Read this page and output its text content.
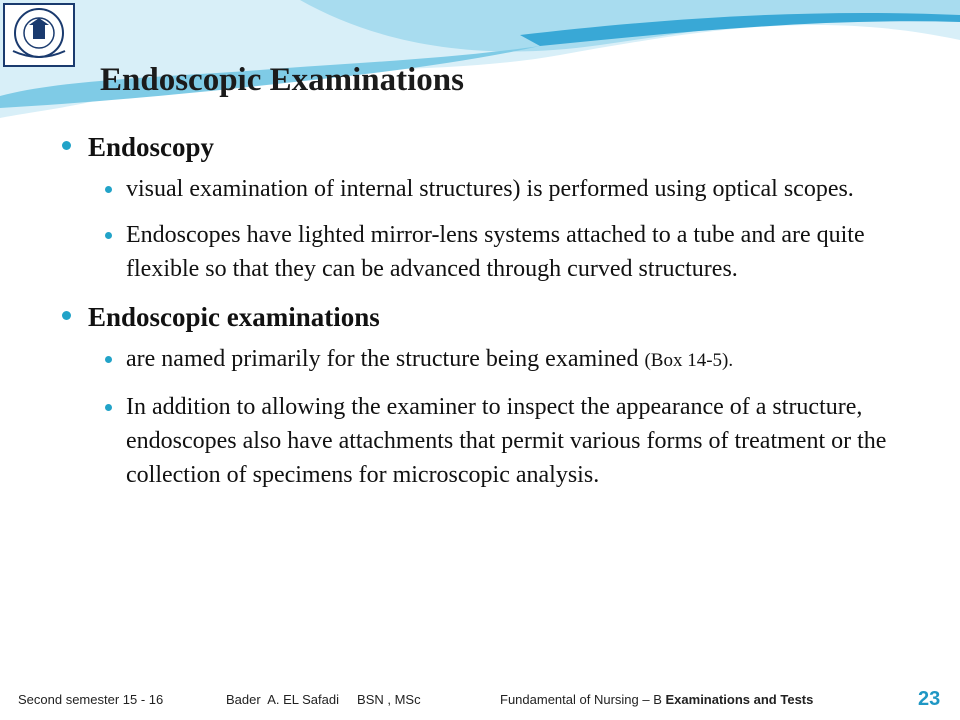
Endoscopic Examinations
Endoscopy
visual examination of internal structures) is performed using optical scopes.
Endoscopes have lighted mirror-lens systems attached to a tube and are quite flexible so that they can be advanced through curved structures.
Endoscopic examinations
are named primarily for the structure being examined (Box 14-5).
In addition to allowing the examiner to inspect the appearance of a structure, endoscopes also have attachments that permit various forms of treatment or the collection of specimens for microscopic analysis.
Second semester 15 - 16	Bader  A. EL Safadi     BSN , MSc	Fundamental of Nursing – B Examinations and Tests	23
